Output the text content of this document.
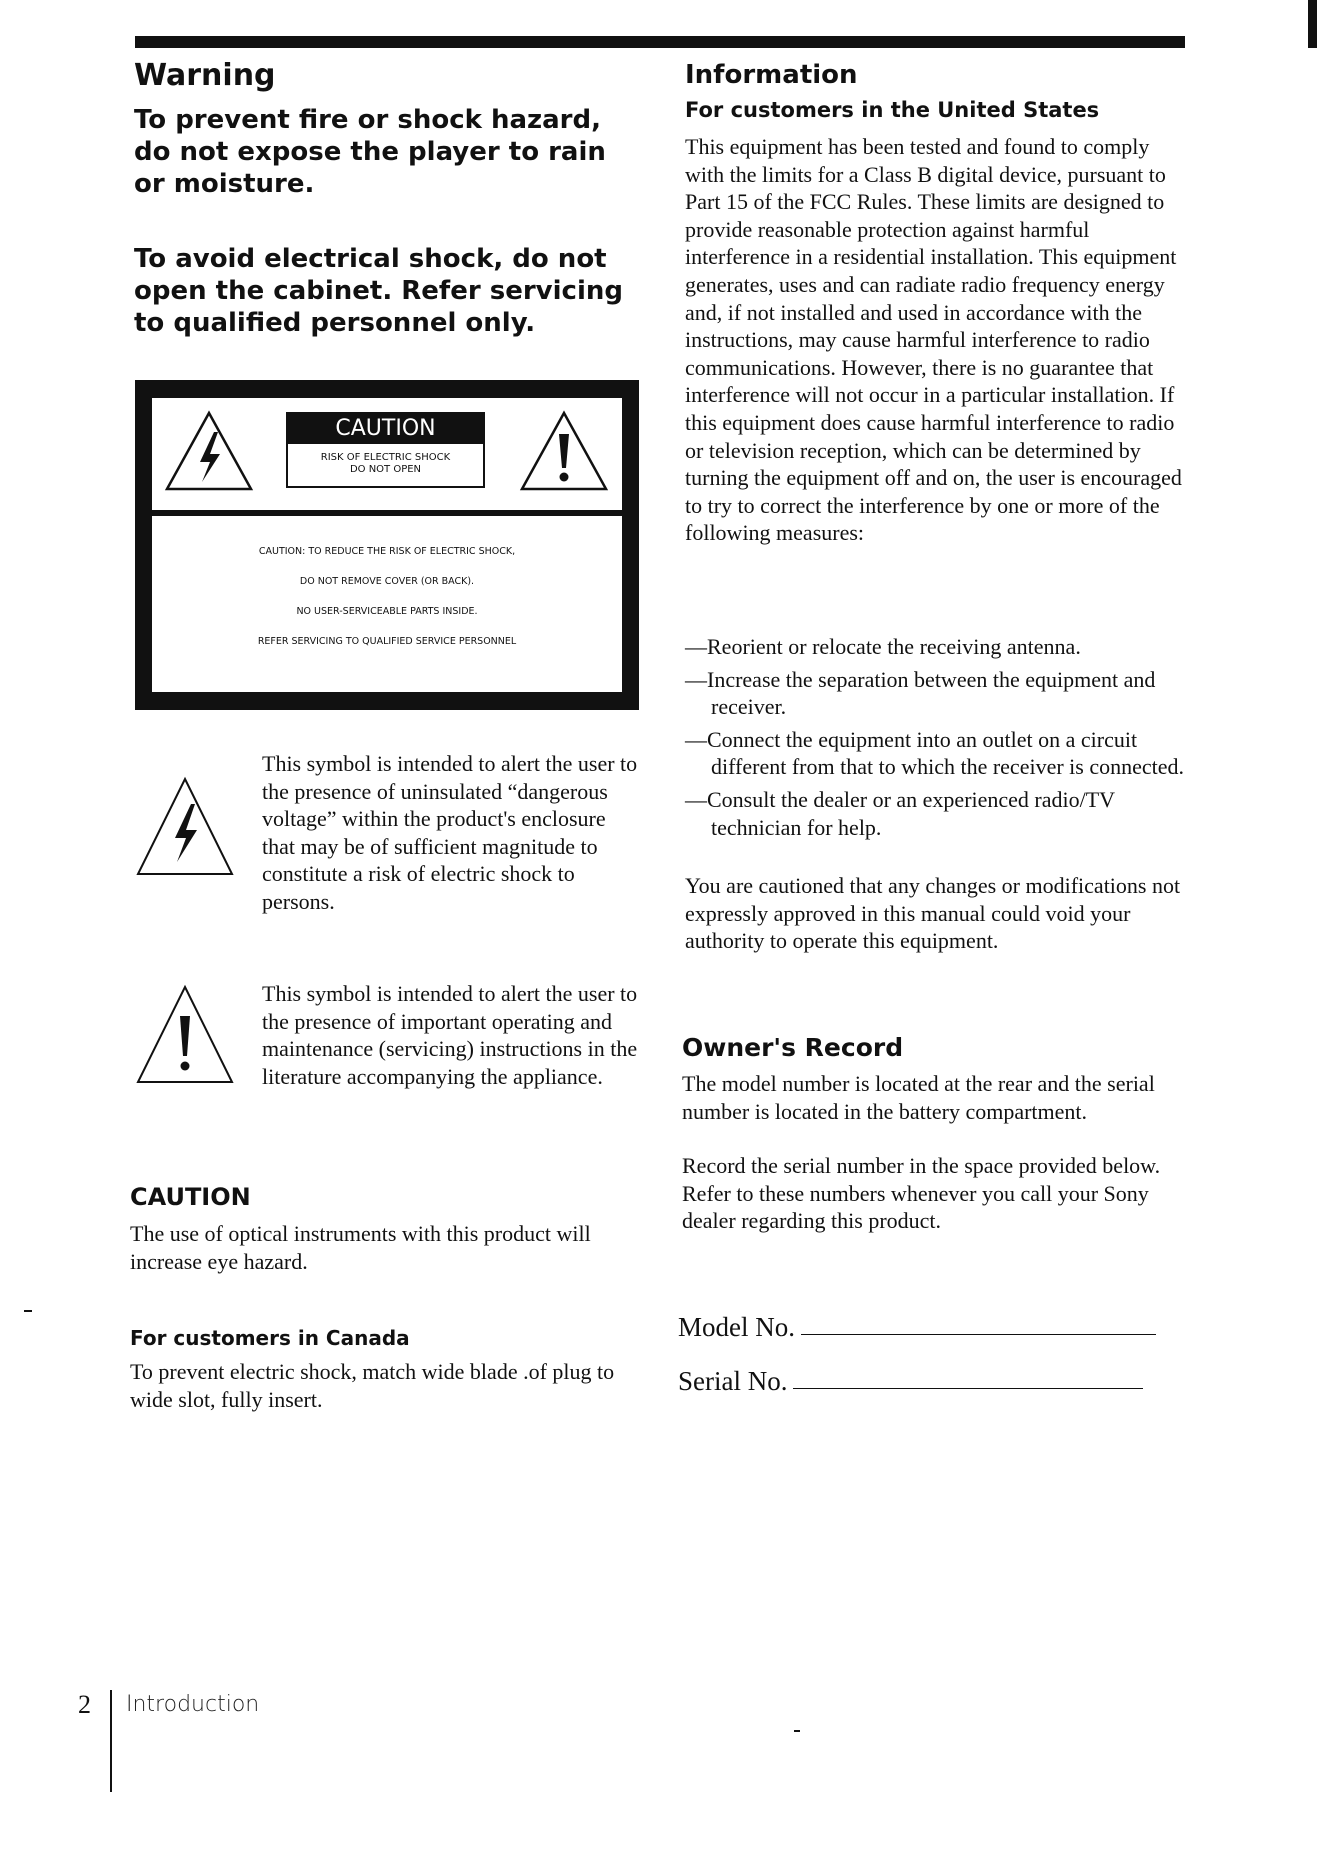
Warning

To prevent fire or shock hazard, do not expose the player to rain or moisture.

To avoid electrical shock, do not open the cabinet. Refer servicing to qualified personnel only.

CAUTION
RISK OF ELECTRIC SHOCK
DO NOT OPEN
CAUTION: TO REDUCE THE RISK OF ELECTRIC SHOCK,
DO NOT REMOVE COVER (OR BACK).
NO USER-SERVICEABLE PARTS INSIDE.
REFER SERVICING TO QUALIFIED SERVICE PERSONNEL

This symbol is intended to alert the user to the presence of uninsulated “dangerous voltage” within the product's enclosure that may be of sufficient magnitude to constitute a risk of electric shock to persons.

This symbol is intended to alert the user to the presence of important operating and maintenance (servicing) instructions in the literature accompanying the appliance.

CAUTION

The use of optical instruments with this product will increase eye hazard.

For customers in Canada

To prevent electric shock, match wide blade .of plug to wide slot, fully insert.

Information
For customers in the United States

This equipment has been tested and found to comply with the limits for a Class B digital device, pursuant to Part 15 of the FCC Rules. These limits are designed to provide reasonable protection against harmful interference in a residential installation. This equipment generates, uses and can radiate radio frequency energy and, if not installed and used in accordance with the instructions, may cause harmful interference to radio communications. However, there is no guarantee that interference will not occur in a particular installation. If this equipment does cause harmful interference to radio or television reception, which can be determined by turning the equipment off and on, the user is encouraged to try to correct the interference by one or more of the following measures:

—Reorient or relocate the receiving antenna.
—Increase the separation between the equipment and receiver.
—Connect the equipment into an outlet on a circuit different from that to which the receiver is connected.
—Consult the dealer or an experienced radio/TV technician for help.

You are cautioned that any changes or modifications not expressly approved in this manual could void your authority to operate this equipment.

Owner's Record

The model number is located at the rear and the serial number is located in the battery compartment.

Record the serial number in the space provided below. Refer to these numbers whenever you call your Sony dealer regarding this product.

Model No.
Serial No.
2 Introduction
